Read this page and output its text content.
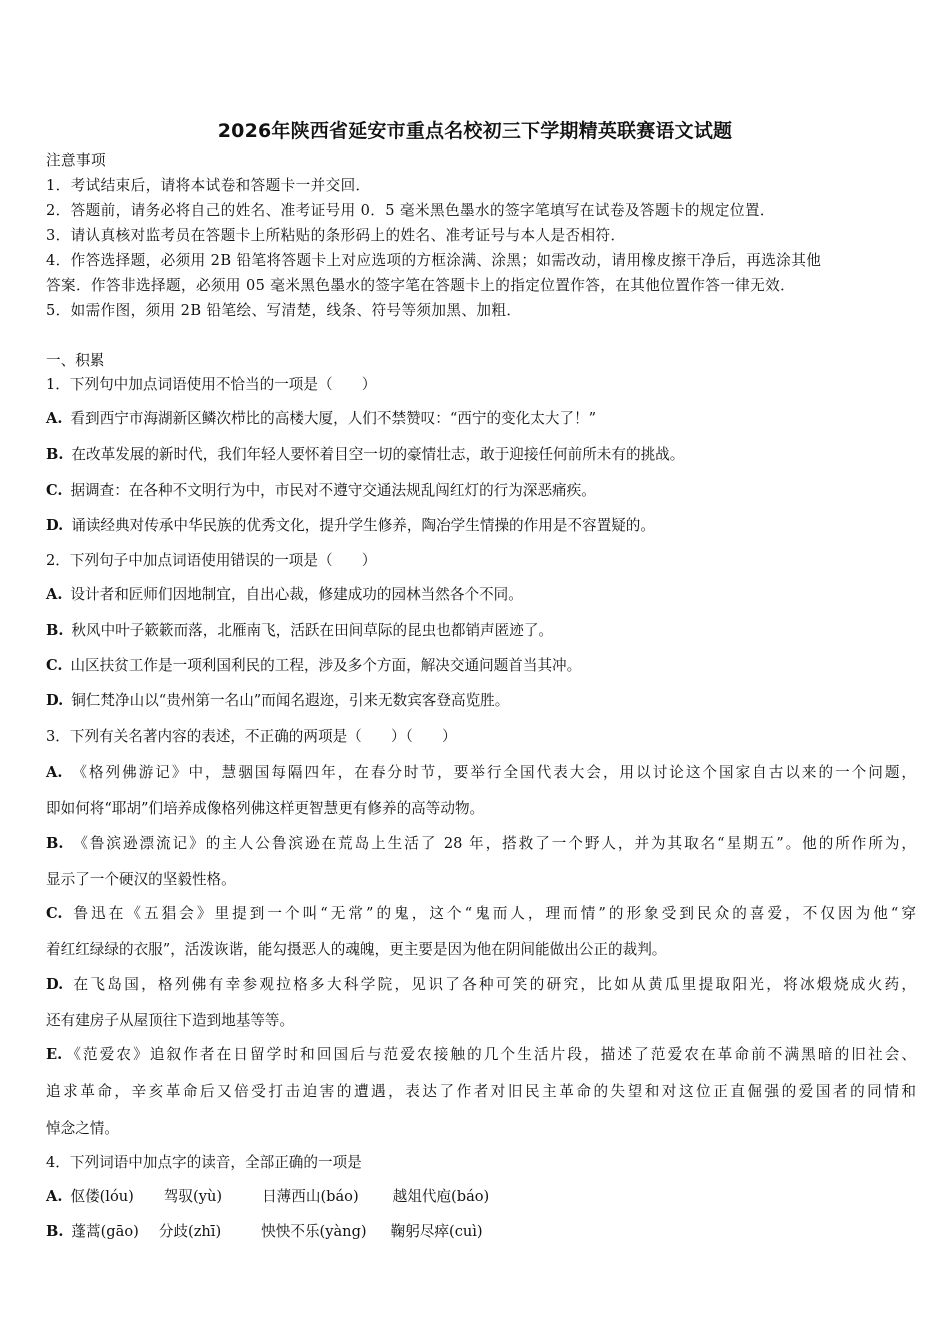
2026年陕西省延安市重点名校初三下学期精英联赛语文试题
注意事项
1．考试结束后，请将本试卷和答题卡一并交回．
2．答题前，请务必将自己的姓名、准考证号用 0．5 毫米黑色墨水的签字笔填写在试卷及答题卡的规定位置．
3．请认真核对监考员在答题卡上所粘贴的条形码上的姓名、准考证号与本人是否相符．
4．作答选择题，必须用 2B 铅笔将答题卡上对应选项的方框涂满、涂黑；如需改动，请用橡皮擦干净后，再选涂其他
答案．作答非选择题，必须用 05 毫米黑色墨水的签字笔在答题卡上的指定位置作答，在其他位置作答一律无效．
5．如需作图，须用 2B 铅笔绘、写清楚，线条、符号等须加黑、加粗．
一、积累
1．下列句中加点词语使用不恰当的一项是（　　）
A. 看到西宁市海湖新区鳞次栉比的高楼大厦，人们不禁赞叹：“西宁的变化太大了！”
B. 在改革发展的新时代，我们年轻人要怀着目空一切的豪情壮志，敢于迎接任何前所未有的挑战。
C. 据调查：在各种不文明行为中，市民对不遵守交通法规乱闯红灯的行为深恶痛疾。
D. 诵读经典对传承中华民族的优秀文化，提升学生修养，陶冶学生情操的作用是不容置疑的。
2．下列句子中加点词语使用错误的一项是（　　）
A. 设计者和匠师们因地制宜，自出心裁，修建成功的园林当然各个不同。
B. 秋风中叶子簌簌而落，北雁南飞，活跃在田间草际的昆虫也都销声匿迹了。
C. 山区扶贫工作是一项利国利民的工程，涉及多个方面，解决交通问题首当其冲。
D. 铜仁梵净山以“贵州第一名山”而闻名遐迩，引来无数宾客登高览胜。
3．下列有关名著内容的表述，不正确的两项是（　　）（　　）
A. 《格列佛游记》中，慧骃国每隔四年，在春分时节，要举行全国代表大会，用以讨论这个国家自古以来的一个问题，
即如何将“耶胡”们培养成像格列佛这样更智慧更有修养的高等动物。
B. 《鲁滨逊漂流记》的主人公鲁滨逊在荒岛上生活了 28 年，搭救了一个野人，并为其取名“星期五”。他的所作所为，
显示了一个硬汉的坚毅性格。
C. 鲁迅在《五猖会》里提到一个叫“无常”的鬼，这个“鬼而人，理而情”的形象受到民众的喜爱，不仅因为他“穿
着红红绿绿的衣服”，活泼诙谐，能勾摄恶人的魂魄，更主要是因为他在阴间能做出公正的裁判。
D. 在飞岛国，格列佛有幸参观拉格多大科学院，见识了各种可笑的研究，比如从黄瓜里提取阳光，将冰煅烧成火药，
还有建房子从屋顶往下造到地基等等。
E. 《范爱农》追叙作者在日留学时和回国后与范爱农接触的几个生活片段，描述了范爱农在革命前不满黑暗的旧社会、
追求革命，辛亥革命后又倍受打击迫害的遭遇，表达了作者对旧民主革命的失望和对这位正直倔强的爱国者的同情和
悼念之情。
4．下列词语中加点字的读音，全部正确的一项是
A. 伛偻(lóu) 驾驭(yù)	日薄西山(báo) 越俎代庖(báo)
B. 蓬蒿(gāo) 分歧(zhī)	怏怏不乐(yàng) 鞠躬尽瘁(cuì)
